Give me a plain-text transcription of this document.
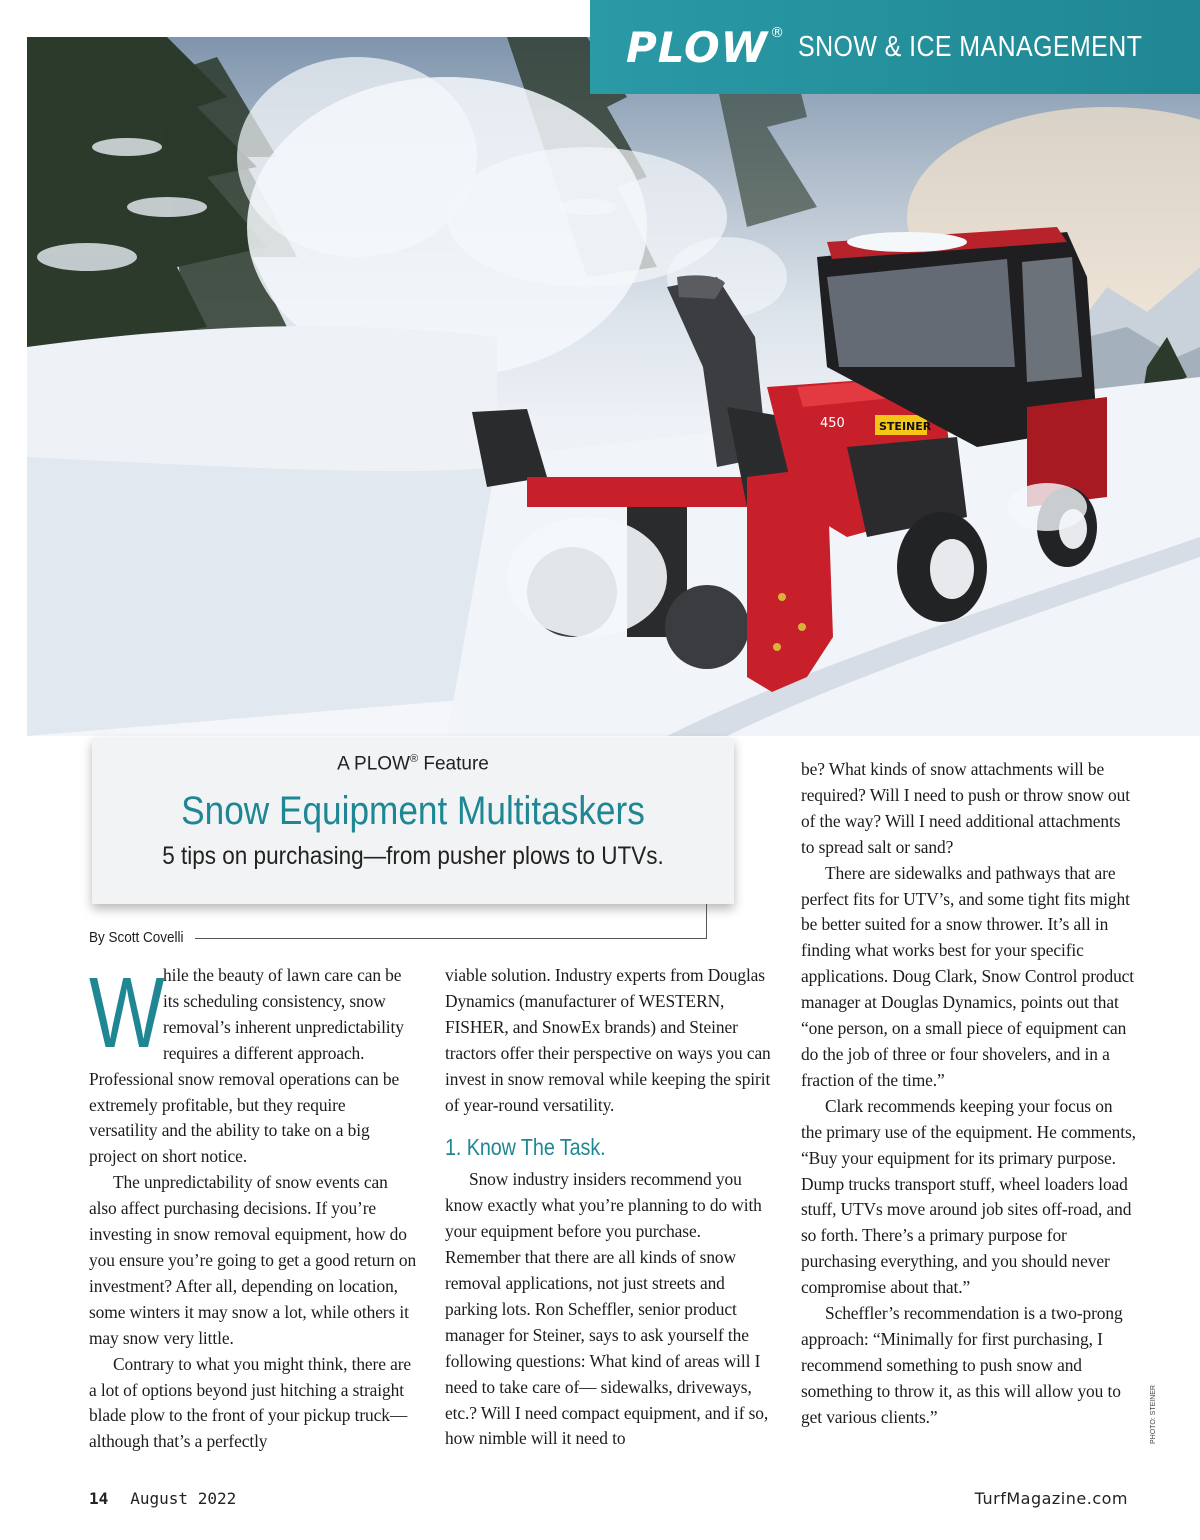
450	STEINER
PLOW ® SNOW & ICE MANAGEMENT
A PLOW® Feature
Snow Equipment Multitaskers
5 tips on purchasing—from pusher plows to UTVs.
By Scott Covelli
W

hile the beauty of lawn care can be its scheduling consistency, snow removal’s inherent unpredictability requires a different approach. Professional snow removal operations can be extremely profitable, but they require versatility and the ability to take on a big project on short notice.

The unpredictability of snow events can also affect purchasing decisions. If you’re investing in snow removal equipment, how do you ensure you’re going to get a good return on investment? After all, depending on location, some winters it may snow a lot, while others it may snow very little.

Contrary to what you might think, there are a lot of options beyond just hitching a straight blade plow to the front of your pickup truck—although that’s a perfectly

viable solution. Industry experts from Douglas Dynamics (manufacturer of WESTERN, FISHER, and SnowEx brands) and Steiner tractors offer their perspective on ways you can invest in snow removal while keeping the spirit of year-round versatility.

1. Know The Task.

Snow industry insiders recommend you know exactly what you’re planning to do with your equipment before you purchase. Remember that there are all kinds of snow removal applications, not just streets and parking lots. Ron Scheffler, senior product manager for Steiner, says to ask yourself the following questions: What kind of areas will I need to take care of— sidewalks, driveways, etc.? Will I need compact equipment, and if so, how nimble will it need to

be? What kinds of snow attachments will be required? Will I need to push or throw snow out of the way? Will I need additional attachments to spread salt or sand?

There are sidewalks and pathways that are perfect fits for UTV’s, and some tight fits might be better suited for a snow thrower. It’s all in finding what works best for your specific applications. Doug Clark, Snow Control product manager at Douglas Dynamics, points out that “one person, on a small piece of equipment can do the job of three or four shovelers, and in a fraction of the time.”

Clark recommends keeping your focus on the primary use of the equipment. He comments, “Buy your equipment for its primary purpose. Dump trucks transport stuff, wheel loaders load stuff, UTVs move around job sites off-road, and so forth. There’s a primary purpose for purchasing everything, and you should never compromise about that.”

Scheffler’s recommendation is a two-prong approach: “Minimally for first purchasing, I recommend something to push snow and something to throw it, as this will allow you to get various clients.”	PHOTO: STEINER
14 August 2022	TurfMagazine.com
